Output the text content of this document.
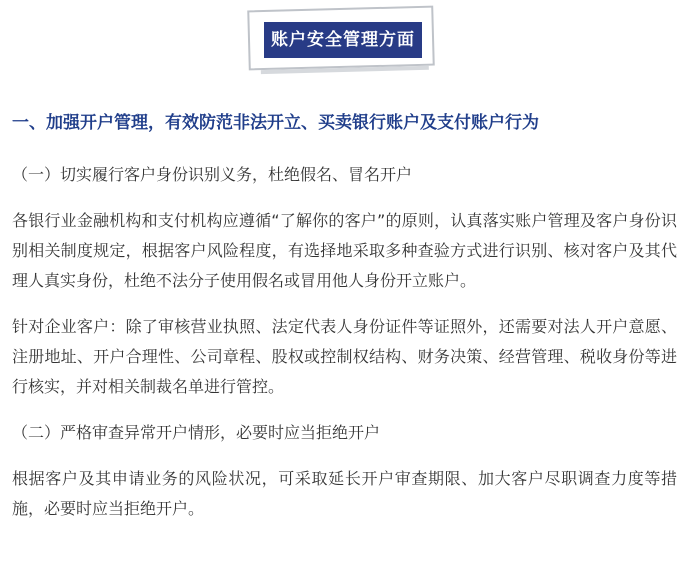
账户安全管理方面
一、加强开户管理，有效防范非法开立、买卖银行账户及支付账户行为
（一）切实履行客户身份识别义务，杜绝假名、冒名开户
各银行业金融机构和支付机构应遵循“了解你的客户”的原则，认真落实账户管理及客户身份识别相关制度规定，根据客户风险程度，有选择地采取多种查验方式进行识别、核对客户及其代理人真实身份，杜绝不法分子使用假名或冒用他人身份开立账户。
针对企业客户：除了审核营业执照、法定代表人身份证件等证照外，还需要对法人开户意愿、注册地址、开户合理性、公司章程、股权或控制权结构、财务决策、经营管理、税收身份等进行核实，并对相关制裁名单进行管控。
（二）严格审查异常开户情形，必要时应当拒绝开户
根据客户及其申请业务的风险状况，可采取延长开户审查期限、加大客户尽职调查力度等措施，必要时应当拒绝开户。
